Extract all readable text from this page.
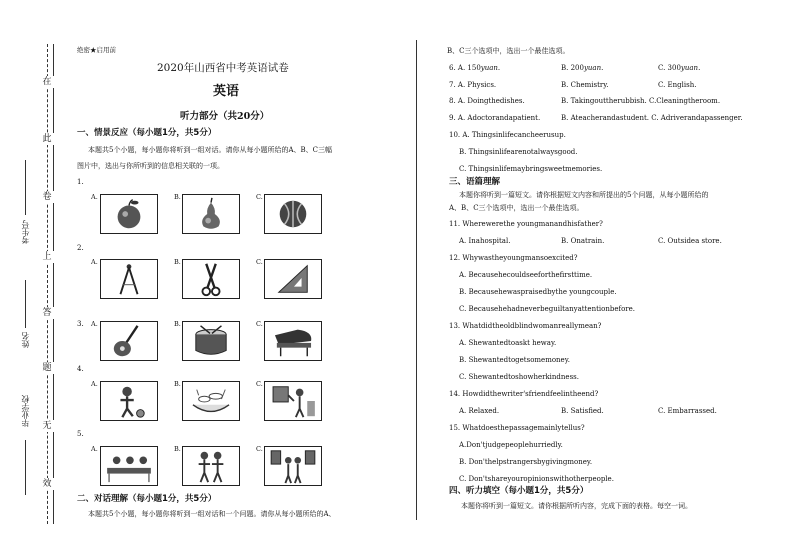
在
此
卷
上
答
题
无
效
考生号
姓名
毕业学校
绝密★启用前
2020年山西省中考英语试卷
英语
听力部分（共20分）
一、情景反应（每小题1分，共5分）
本题共5个小题，每小题你将听到一组对话。请你从每小题所给的A、B、C三幅
图片中，选出与你所听到的信息相关联的一项。
1.
A.	B.	C.
2.
A.	B.	C.
3. A.	B.	C.
4.
A.	B.	C.
5.
A.	B.	C.
二、对话理解（每小题1分，共5分）
本题共5个小题，每小题你将听到一组对话和一个问题。请你从每小题所给的A、
B、C三个选项中，选出一个最佳选项。
6. A. 150yuan.	B. 200yuan.	C. 300yuan.
7. A. Physics.	B. Chemistry.	C. English.
8. A. Doingthedishes.	B. Takingouttherubbish. C.Cleaningtheroom.
9. A. Adoctorandapatient.	B. Ateacherandastudent. C. Adriverandapassenger.
10. A. Thingsinlifecancheerusup.
B. Thingsinlifearenotalwaysgood.
C. Thingsinlifemaybringsweetmemories.
三、语篇理解
本题你将听到一篇短文。请你根据短文内容和所提出的5个问题，从每小题所给的
A、B、C三个选项中，选出一个最佳选项。
11. Wherewerethe youngmanandhisfather?
A. Inahospital.	B. Onatrain.	C. Outsidea store.
12. Whywastheyoungmansoexcited?
A. Becausehecouldseeforthefirsttime.
B. Becausehewaspraisedbythe youngcouple.
C. Becausehehadneverbeguiltanyattentionbefore.
13. Whatdidtheoldblindwomanreallymean?
A. Shewantedtoaskt heway.
B. Shewantedtogetsomemoney.
C. Shewantedtoshowherkindness.
14. Howdidthewriter'sfriendfeelintheend?
A. Relaxed.	B. Satisfied.	C. Embarrassed.
15. Whatdoesthepassagemainlytellus?
A.Don'tjudgepeoplehurriedly.
B. Don'thelpstrangersbygivingmoney.
C. Don'tshareyouropinionswithotherpeople.
四、听力填空（每小题1分，共5分）
本题你将听到一篇短文。请你根据所听内容，完成下面的表格。每空一词。
